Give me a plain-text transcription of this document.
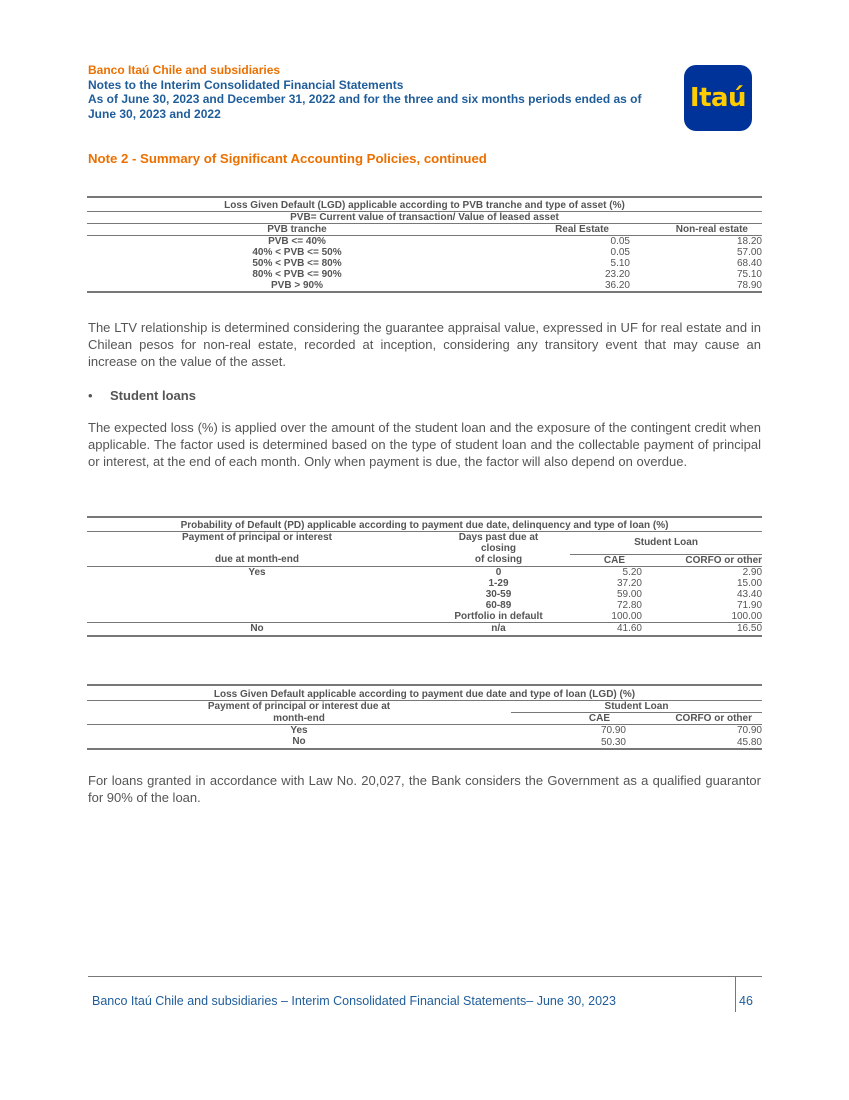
Banco Itaú Chile and subsidiaries
Notes to the Interim Consolidated Financial Statements
As of June 30, 2023 and December 31, 2022 and for the three and six months periods ended as of
June 30, 2023 and 2022
Itaú
Note 2 - Summary of Significant Accounting Policies, continued
Loss Given Default (LGD) applicable according to PVB tranche and type of asset (%)		
PVB= Current value of transaction/ Value of leased asset		
PVB tranche	Real Estate	Non-real estate
PVB <= 40%	0.05	18.20
40% < PVB <= 50%	0.05	57.00
50% < PVB <= 80%	5.10	68.40
80% < PVB <= 90%	23.20	75.10
PVB > 90%	36.20	78.90
The LTV relationship is determined considering the guarantee appraisal value, expressed in UF for real estate and in Chilean pesos for non-real estate, recorded at inception, considering any transitory event that may cause an increase on the value of the asset.
• Student loans
The expected loss (%) is applied over the amount of the student loan and the exposure of the contingent credit when applicable. The factor used is determined based on the type of student loan and the collectable payment of principal or interest, at the end of each month. Only when payment is due, the factor will also depend on overdue.
Probability of Default (PD) applicable according to payment due date, delinquency and type of loan (%)			
Payment of principal or interest	Days past due at	Student Loan	
	closing		
due at month-end	of closing	CAE	CORFO or other
Yes	0	5.20	2.90
	1-29	37.20	15.00
	30-59	59.00	43.40
	60-89	72.80	71.90
	Portfolio in default	100.00	100.00
No	n/a	41.60	16.50
Loss Given Default applicable according to payment due date and type of loan (LGD) (%)		
Payment of principal or interest due at	Student Loan	
month-end	CAE	CORFO or other
Yes	70.90	70.90
No	50.30	45.80
For loans granted in accordance with Law No. 20,027, the Bank considers the Government as a qualified guarantor for 90% of the loan.
Banco Itaú Chile and subsidiaries – Interim Consolidated Financial Statements– June 30, 2023	46
